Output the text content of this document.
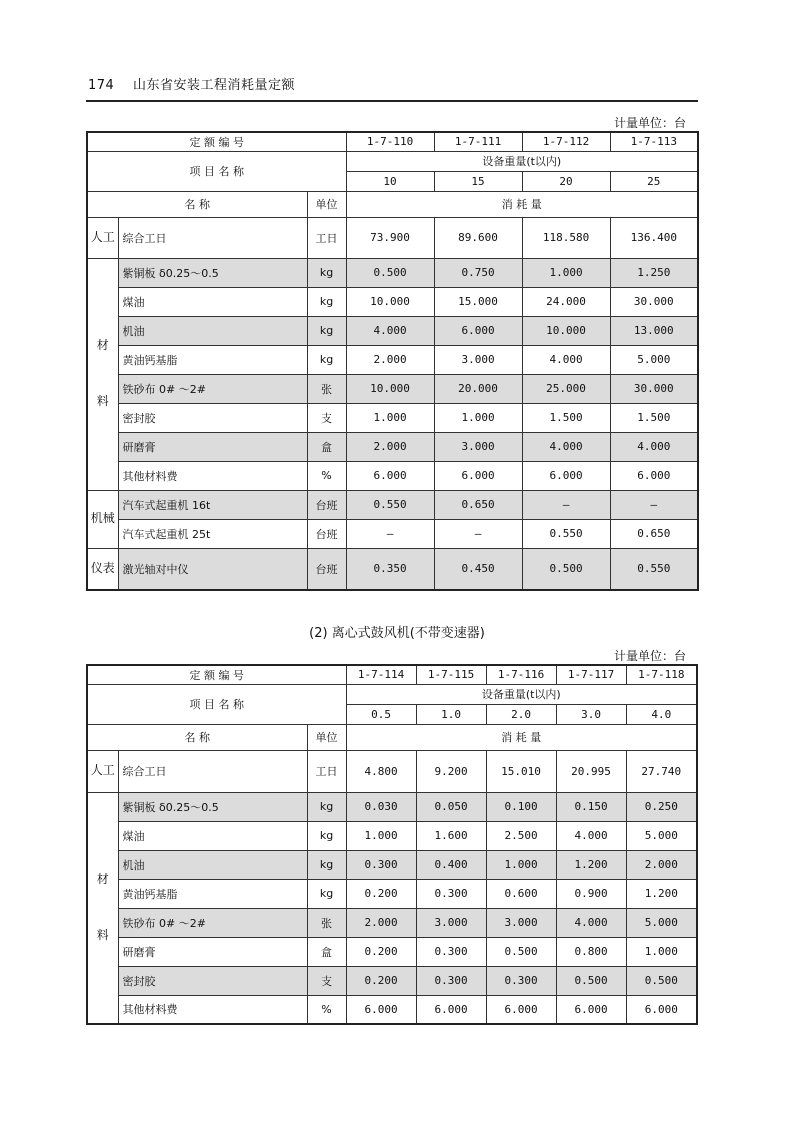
174 山东省安装工程消耗量定额
计量单位：台
定 额 编 号			1-7-110	1-7-111	1-7-112	1-7-113
项 目 名 称			设备重量(t以内)			
			10	15	20	25
名 称		单位	消 耗 量			
人工	综合工日	工日	73.900	89.600	118.580	136.400

材
料	紫铜板 δ0.25～0.5	kg	0.500	0.750	1.000	1.250
	煤油	kg	10.000	15.000	24.000	30.000
	机油	kg	4.000	6.000	10.000	13.000
	黄油钙基脂	kg	2.000	3.000	4.000	5.000
	铁砂布 0# ～2#	张	10.000	20.000	25.000	30.000
	密封胶	支	1.000	1.000	1.500	1.500
	研磨膏	盒	2.000	3.000	4.000	4.000
	其他材料费	%	6.000	6.000	6.000	6.000
机械	汽车式起重机 16t	台班	0.550	0.650	—	—
	汽车式起重机 25t	台班	—	—	0.550	0.650
仪表	激光轴对中仪	台班	0.350	0.450	0.500	0.550
(2) 离心式鼓风机(不带变速器)
计量单位：台
定 额 编 号			1-7-114	1-7-115	1-7-116	1-7-117	1-7-118
项 目 名 称			设备重量(t以内)				
			0.5	1.0	2.0	3.0	4.0
名 称		单位	消 耗 量				
人工	综合工日	工日	4.800	9.200	15.010	20.995	27.740

材
料	紫铜板 δ0.25～0.5	kg	0.030	0.050	0.100	0.150	0.250
	煤油	kg	1.000	1.600	2.500	4.000	5.000
	机油	kg	0.300	0.400	1.000	1.200	2.000
	黄油钙基脂	kg	0.200	0.300	0.600	0.900	1.200
	铁砂布 0# ～2#	张	2.000	3.000	3.000	4.000	5.000
	研磨膏	盒	0.200	0.300	0.500	0.800	1.000
	密封胶	支	0.200	0.300	0.300	0.500	0.500
	其他材料费	%	6.000	6.000	6.000	6.000	6.000
